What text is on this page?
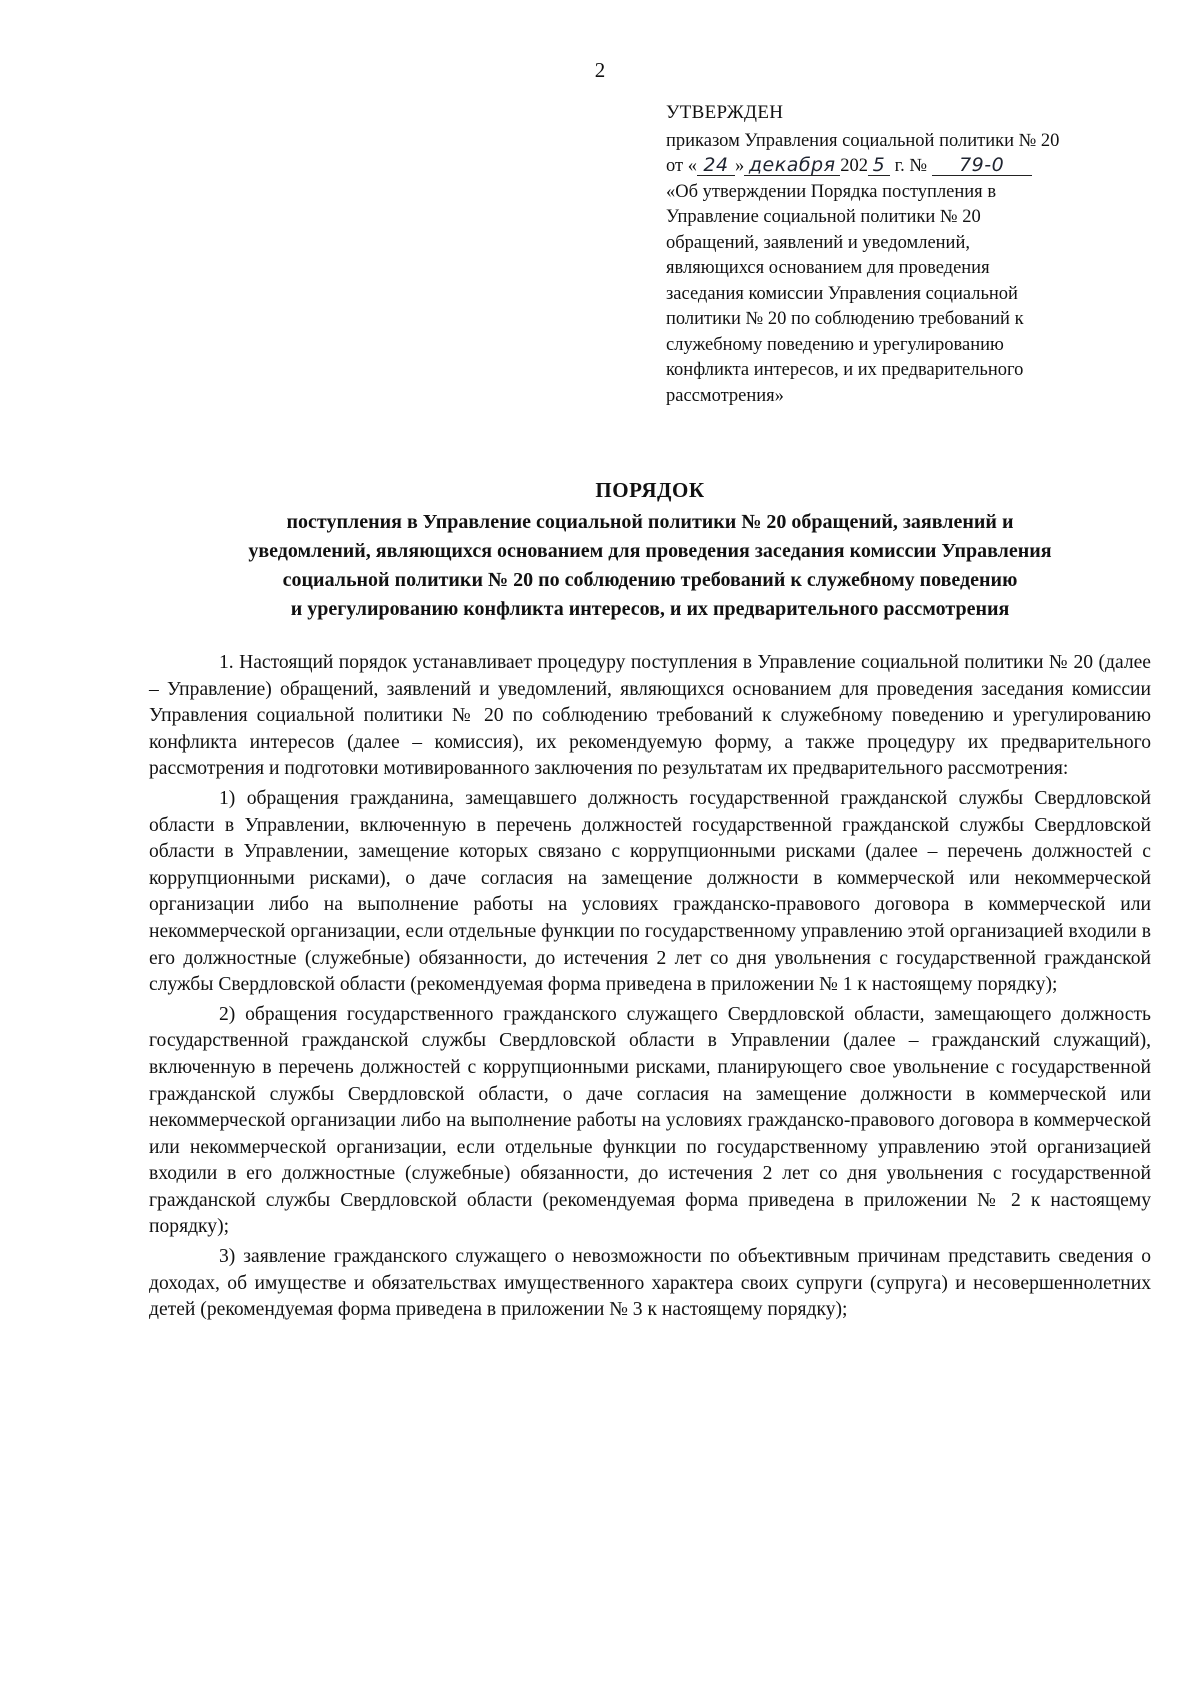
2
УТВЕРЖДЕН
приказом Управления социальной политики № 20
от « 24 » декабря 202 5 г. № 79-0
«Об утверждении Порядка поступления в
Управление социальной политики № 20
обращений, заявлений и уведомлений,
являющихся основанием для проведения
заседания комиссии Управления социальной
политики № 20 по соблюдению требований к
служебному поведению и урегулированию
конфликта интересов, и их предварительного
рассмотрения»
ПОРЯДОК
поступления в Управление социальной политики № 20 обращений, заявлений и
уведомлений, являющихся основанием для проведения заседания комиссии Управления
социальной политики № 20 по соблюдению требований к служебному поведению
и урегулированию конфликта интересов, и их предварительного рассмотрения

1. Настоящий порядок устанавливает процедуру поступления в Управление социальной политики № 20 (далее – Управление) обращений, заявлений и уведомлений, являющихся основанием для проведения заседания комиссии Управления социальной политики № 20 по соблюдению требований к служебному поведению и урегулированию конфликта интересов (далее – комиссия), их рекомендуемую форму, а также процедуру их предварительного рассмотрения и подготовки мотивированного заключения по результатам их предварительного рассмотрения:

1) обращения гражданина, замещавшего должность государственной гражданской службы Свердловской области в Управлении, включенную в перечень должностей государственной гражданской службы Свердловской области в Управлении, замещение которых связано с коррупционными рисками (далее – перечень должностей с коррупционными рисками), о даче согласия на замещение должности в коммерческой или некоммерческой организации либо на выполнение работы на условиях гражданско-правового договора в коммерческой или некоммерческой организации, если отдельные функции по государственному управлению этой организацией входили в его должностные (служебные) обязанности, до истечения 2 лет со дня увольнения с государственной гражданской службы Свердловской области (рекомендуемая форма приведена в приложении № 1 к настоящему порядку);

2) обращения государственного гражданского служащего Свердловской области, замещающего должность государственной гражданской службы Свердловской области в Управлении (далее – гражданский служащий), включенную в перечень должностей с коррупционными рисками, планирующего свое увольнение с государственной гражданской службы Свердловской области, о даче согласия на замещение должности в коммерческой или некоммерческой организации либо на выполнение работы на условиях гражданско-правового договора в коммерческой или некоммерческой организации, если отдельные функции по государственному управлению этой организацией входили в его должностные (служебные) обязанности, до истечения 2 лет со дня увольнения с государственной гражданской службы Свердловской области (рекомендуемая форма приведена в приложении № 2 к настоящему порядку);

3) заявление гражданского служащего о невозможности по объективным причинам представить сведения о доходах, об имуществе и обязательствах имущественного характера своих супруги (супруга) и несовершеннолетних детей (рекомендуемая форма приведена в приложении № 3 к настоящему порядку);
